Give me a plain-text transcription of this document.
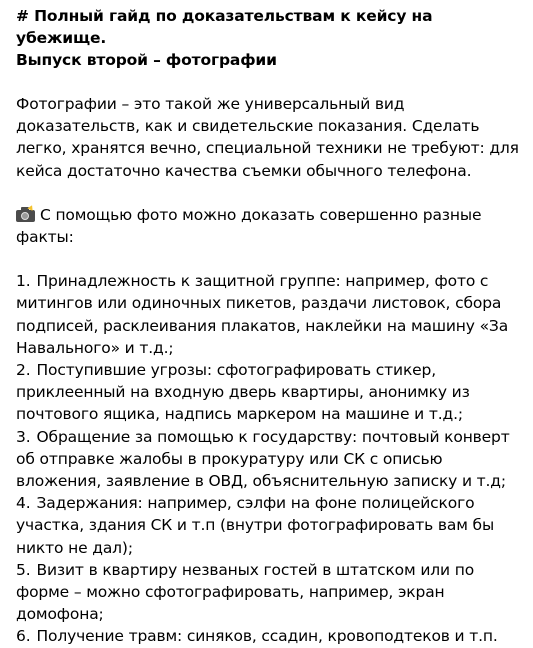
# Полный гайд по доказательствам к кейсу на убежище.
Выпуск второй – фотографии

Фотографии – это такой же универсальный вид доказательств, как и свидетельские показания. Сделать легко, хранятся вечно, специальной техники не требуют: для кейса достаточно качества съемки обычного телефона.

С помощью фото можно доказать совершенно разные факты:

1. Принадлежность к защитной группе: например, фото с митингов или одиночных пикетов, раздачи листовок, сбора подписей, расклеивания плакатов, наклейки на машину «За Навального» и т.д.;
2. Поступившие угрозы: сфотографировать стикер, приклеенный на входную дверь квартиры, анонимку из почтового ящика, надпись маркером на машине и т.д.;
3. Обращение за помощью к государству: почтовый конверт об отправке жалобы в прокуратуру или СК с описью вложения, заявление в ОВД, объяснительную записку и т.д;
4. Задержания: например, сэлфи на фоне полицейского участка, здания СК и т.п (внутри фотографировать вам бы никто не дал);
5. Визит в квартиру незваных гостей в штатском или по форме – можно сфотографировать, например, экран домофона;
6. Получение травм: синяков, ссадин, кровоподтеков и т.п.
